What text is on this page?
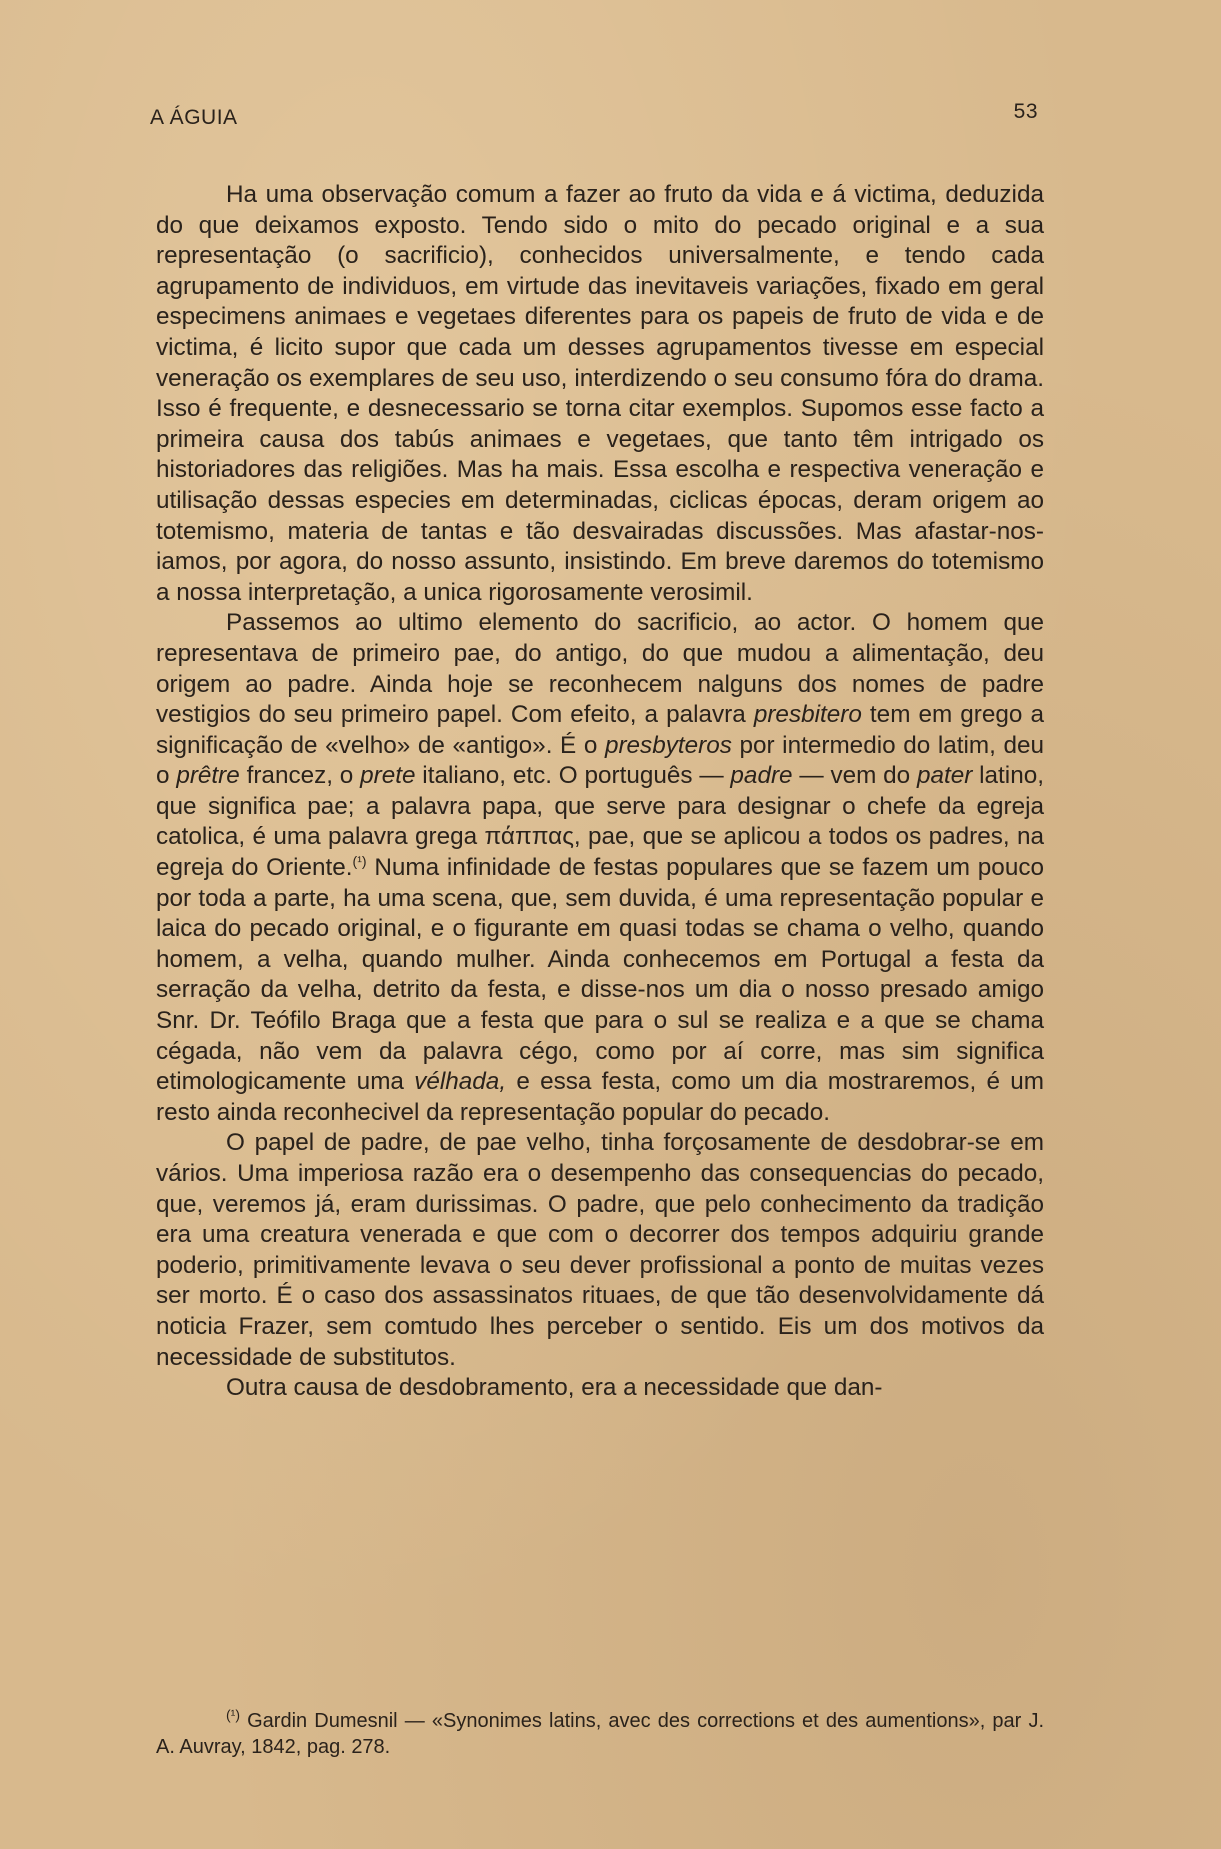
A ÁGUIA	53

Ha uma observação comum a fazer ao fruto da vida e á victima, deduzida do que deixamos exposto. Tendo sido o mito do pecado original e a sua representação (o sacrificio), conhecidos universalmente, e tendo cada agrupamento de individuos, em virtude das inevitaveis variações, fixado em geral especimens animaes e vegetaes diferentes para os papeis de fruto de vida e de victima, é licito supor que cada um desses agrupamentos tivesse em especial veneração os exemplares de seu uso, interdizendo o seu consumo fóra do drama. Isso é frequente, e desnecessario se torna citar exemplos. Supomos esse facto a primeira causa dos tabús animaes e vegetaes, que tanto têm intrigado os historiadores das religiões. Mas ha mais. Essa escolha e respectiva veneração e utilisação dessas especies em determinadas, ciclicas épocas, deram origem ao totemismo, materia de tantas e tão desvairadas discussões. Mas afastar-nos-iamos, por agora, do nosso assunto, insistindo. Em breve daremos do totemismo a nossa interpretação, a unica rigorosamente verosimil.

Passemos ao ultimo elemento do sacrificio, ao actor. O homem que representava de primeiro pae, do antigo, do que mudou a alimentação, deu origem ao padre. Ainda hoje se reconhecem nalguns dos nomes de padre vestigios do seu primeiro papel. Com efeito, a palavra presbitero tem em grego a significação de «velho» de «antigo». É o presbyteros por intermedio do latim, deu o prêtre francez, o prete italiano, etc. O português — padre — vem do pater latino, que significa pae; a palavra papa, que serve para designar o chefe da egreja catolica, é uma palavra grega πάππας, pae, que se aplicou a todos os padres, na egreja do Oriente.$^{(^1)}$ Numa infinidade de festas populares que se fazem um pouco por toda a parte, ha uma scena, que, sem duvida, é uma representação popular e laica do pecado original, e o figurante em quasi todas se chama o velho, quando homem, a velha, quando mulher. Ainda conhecemos em Portugal a festa da serração da velha, detrito da festa, e disse-nos um dia o nosso presado amigo Snr. Dr. Teófilo Braga que a festa que para o sul se realiza e a que se chama cégada, não vem da palavra cégo, como por aí corre, mas sim significa etimologicamente uma vélhada, e essa festa, como um dia mostraremos, é um resto ainda reconhecivel da representação popular do pecado.

O papel de padre, de pae velho, tinha forçosamente de desdobrar-se em vários. Uma imperiosa razão era o desempenho das consequencias do pecado, que, veremos já, eram durissimas. O padre, que pelo conhecimento da tradição era uma creatura venerada e que com o decorrer dos tempos adquiriu grande poderio, primitivamente levava o seu dever profissional a ponto de muitas vezes ser morto. É o caso dos assassinatos rituaes, de que tão desenvolvidamente dá noticia Frazer, sem comtudo lhes perceber o sentido. Eis um dos motivos da necessidade de substitutos.

Outra causa de desdobramento, era a necessidade que dan-

$^{(^1)}$ Gardin Dumesnil — «Synonimes latins, avec des corrections et des aumentions», par J. A. Auvray, 1842, pag. 278.
